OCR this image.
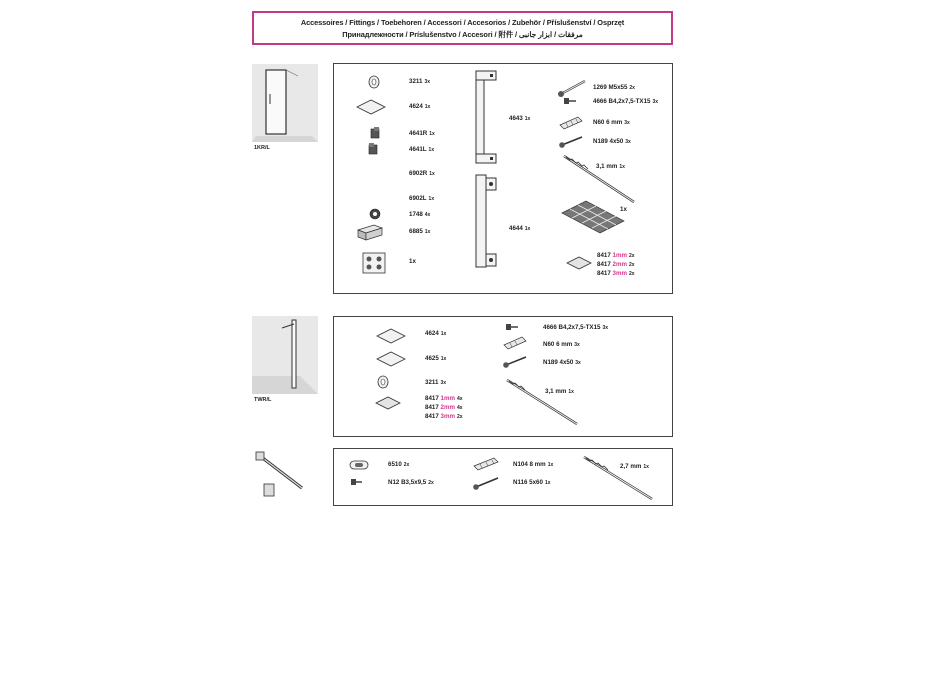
Accessoires / Fittings / Toebehoren / Accessori / Accesorios / Zubehör / Příslušenství / Osprzęt
Принадлежности / Príslušenstvo / Accesori / 附件 / مرفقات / ابزار جانبی
1KR/L
3211 3x
4624 1x
4641R 1x
4641L 1x
6902R 1x
6902L 1x
1748 4x
6885 1x
1x
4643 1x
4644 1x
1269 M5x55 2x
4666 B4,2x7,5-TX15 3x
N60 6 mm 3x
N189 4x50 3x
3,1 mm 1x
1x
8417 1mm 2x
8417 2mm 2x
8417 3mm 2x
TWR/L
4624 1x
4625 1x
3211 3x
8417 1mm 4x
8417 2mm 4x
8417 3mm 2x
4666 B4,2x7,5-TX15 3x
N60 6 mm 3x
N189 4x50 3x
3,1 mm 1x
6510 2x
N12 B3,5x9,5 2x
N104 8 mm 1x
N116 5x60 1x
2,7 mm 1x
